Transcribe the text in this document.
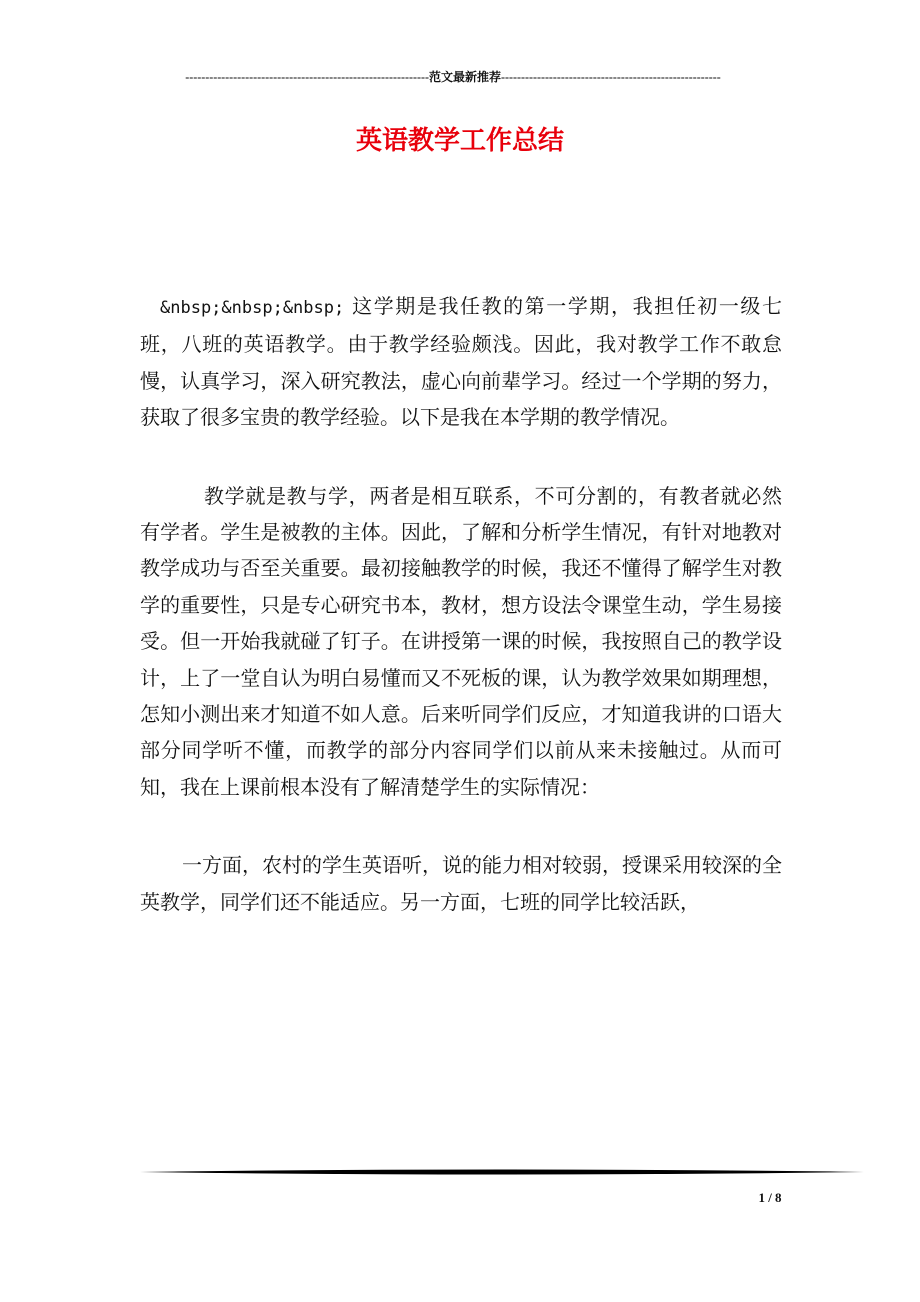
-------------------------------------------------------------范文最新推荐-------------------------------------------------------
英语教学工作总结

&nbsp;&nbsp;&nbsp; 这学期是我任教的第一学期，我担任初一级七班，八班的英语教学。由于教学经验颇浅。因此，我对教学工作不敢怠慢，认真学习，深入研究教法，虚心向前辈学习。经过一个学期的努力，获取了很多宝贵的教学经验。以下是我在本学期的教学情况。

教学就是教与学，两者是相互联系，不可分割的，有教者就必然有学者。学生是被教的主体。因此，了解和分析学生情况，有针对地教对教学成功与否至关重要。最初接触教学的时候，我还不懂得了解学生对教学的重要性，只是专心研究书本，教材，想方设法令课堂生动，学生易接受。但一开始我就碰了钉子。在讲授第一课的时候，我按照自己的教学设计，上了一堂自认为明白易懂而又不死板的课，认为教学效果如期理想，怎知小测出来才知道不如人意。后来听同学们反应，才知道我讲的口语大部分同学听不懂，而教学的部分内容同学们以前从来未接触过。从而可知，我在上课前根本没有了解清楚学生的实际情况：

一方面，农村的学生英语听，说的能力相对较弱，授课采用较深的全英教学，同学们还不能适应。另一方面，七班的同学比较活跃，

1 / 8
